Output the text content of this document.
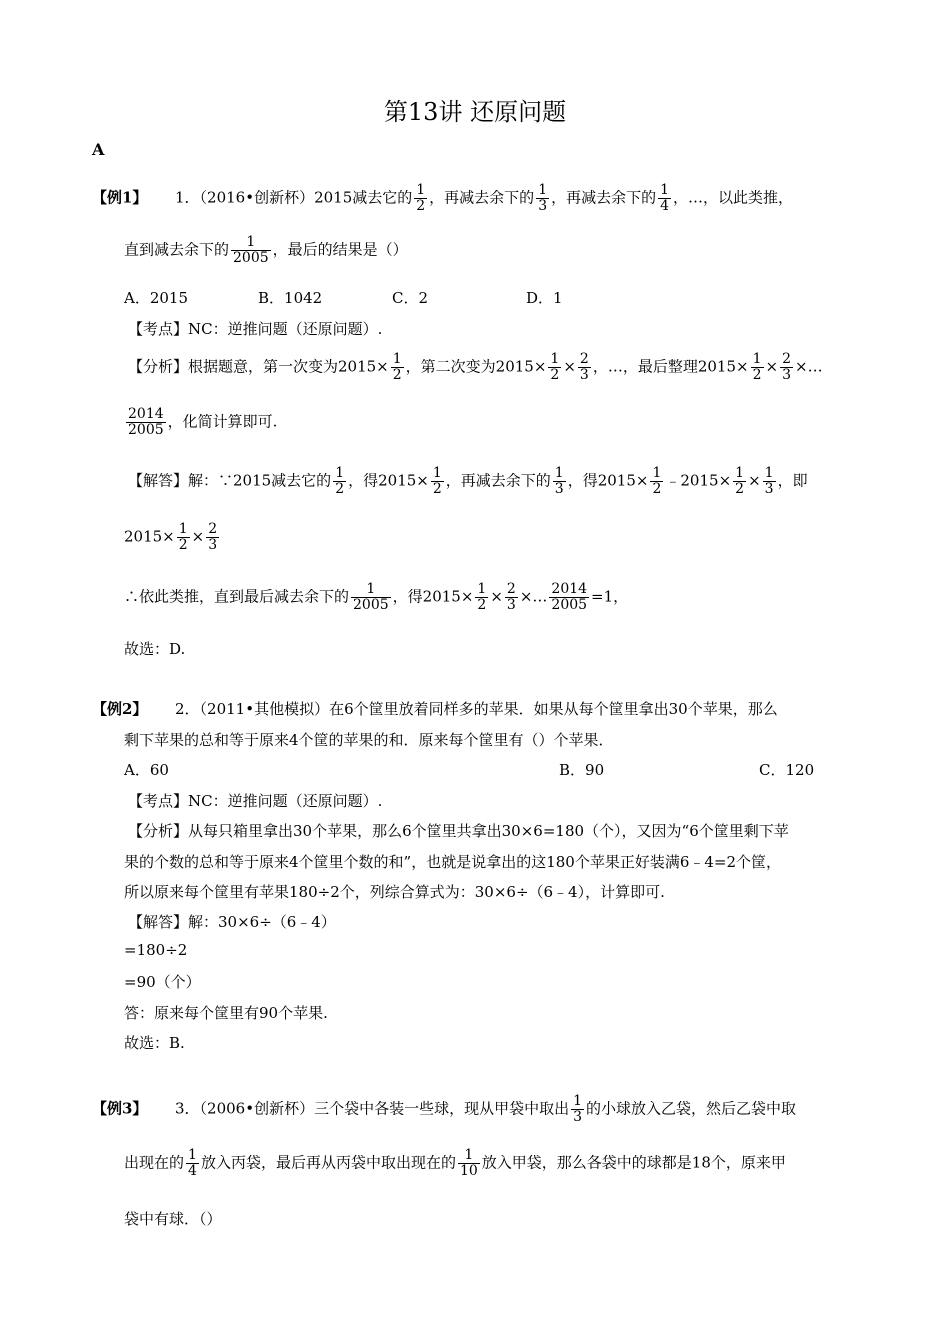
第13讲 还原问题
A
【例1】 1．（2016•创新杯）2015减去它的 $\frac{1}{2}$ ，再减去余下的 $\frac{1}{3}$ ，再减去余下的 $\frac{1}{4}$ ，…，以此类推，
直到减去余下的 $\frac{1}{2005}$ ，最后的结果是（）
A．2015	B．1042	C．2	D．1
【考点】NC：逆推问题（还原问题）.
【分析】根据题意，第一次变为$2015\times \frac{1}{2}$ ，第二次变为$2015\times \frac{1}{2} \times \frac{2}{3}$ ，…，最后整理$2015\times \frac{1}{2} \times \frac{2}{3}$ ×…
$\frac{2014}{2005}$ ，化简计算即可.
【解答】解：∵2015减去它的 $\frac{1}{2}$ ，得$2015\times \frac{1}{2}$ ，再减去余下的 $\frac{1}{3}$ ，得$2015\times \frac{1}{2}$ ﹣2015× $\frac{1}{2} \times \frac{1}{3}$ ，即
$2015\times \frac{1}{2} \times \frac{2}{3}$
∴依此类推，直到最后减去余下的 $\frac{1}{2005}$ ，得$2015\times \frac{1}{2} \times \frac{2}{3}$ ×… $\frac{2014}{2005} =1$，
故选：D.
【例2】 2．（2011•其他模拟）在6个筐里放着同样多的苹果．如果从每个筐里拿出30个苹果，那么
剩下苹果的总和等于原来4个筐的苹果的和．原来每个筐里有（）个苹果．
A．60	B．90	C．120
【考点】NC：逆推问题（还原问题）.
【分析】从每只箱里拿出30个苹果，那么6个筐里共拿出30×6=180（个），又因为“6个筐里剩下苹
果的个数的总和等于原来4个筐里个数的和”，也就是说拿出的这180个苹果正好装满6﹣4=2个筐，
所以原来每个筐里有苹果180÷2个，列综合算式为：30×6÷（6﹣4），计算即可.
【解答】解：30×6÷（6﹣4）
=180÷2
=90（个）
答：原来每个筐里有90个苹果.
故选：B.
【例3】 3．（2006•创新杯）三个袋中各装一些球，现从甲袋中取出 $\frac{1}{3}$ 的小球放入乙袋，然后乙袋中取
出现在的 $\frac{1}{4}$ 放入丙袋，最后再从丙袋中取出现在的 $\frac{1}{10}$ 放入甲袋，那么各袋中的球都是18个，原来甲
袋中有球．（）
